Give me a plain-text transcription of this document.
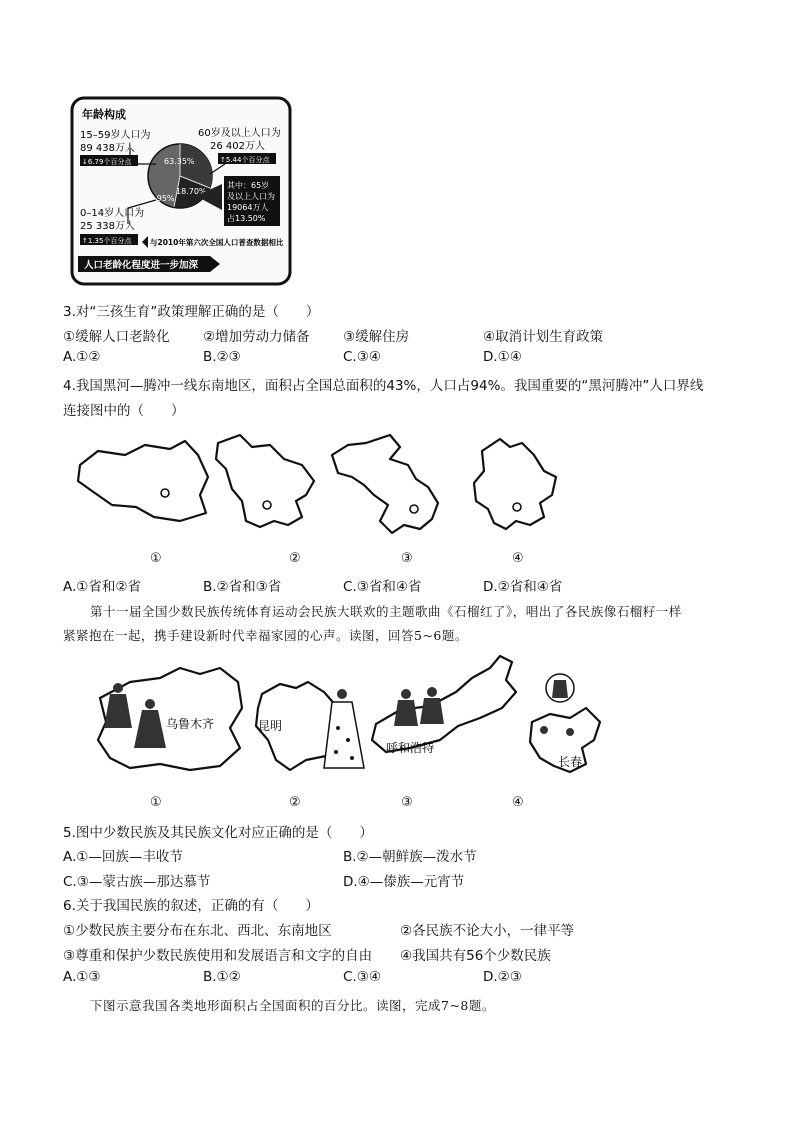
63.35%
18.70%
17.95%
年龄构成
15–59岁人口为
89 438万人
↓6.79个百分点
60岁及以上人口为
26 402万人
↑5.44个百分点
其中：65岁
及以上人口为
19064万人
占13.50%
0–14岁人口为
25 338万人
↑1.35个百分点 与2010年第六次全国人口普查数据相比
人口老龄化程度进一步加深
3.对“三孩生育”政策理解正确的是（　　）
①缓解人口老龄化 ②增加劳动力储备 ③缓解住房	④取消计划生育政策
A.①②	B.②③	C.③④	D.①④
4.我国黑河—腾冲一线东南地区，面积占全国总面积的43%，人口占94%。我国重要的“黑河腾冲”人口界线
连接图中的（　　）
①	②	③	④
A.①省和②省	B.②省和③省	C.③省和④省	D.②省和④省
第十一届全国少数民族传统体育运动会民族大联欢的主题歌曲《石榴红了》，唱出了各民族像石榴籽一样
紧紧抱在一起，携手建设新时代幸福家园的心声。读图，回答5~6题。
乌鲁木齐	昆明
呼和浩特
长春
①	②	③	④
5.图中少数民族及其民族文化对应正确的是（　　）
A.①—回族—丰收节	B.②—朝鲜族—泼水节
C.③—蒙古族—那达慕节	D.④—傣族—元宵节
6.关于我国民族的叙述，正确的有（　　）
①少数民族主要分布在东北、西北、东南地区	②各民族不论大小，一律平等
③尊重和保护少数民族使用和发展语言和文字的自由 ④我国共有56个少数民族
A.①③	B.①②	C.③④	D.②③
下图示意我国各类地形面积占全国面积的百分比。读图，完成7~8题。
